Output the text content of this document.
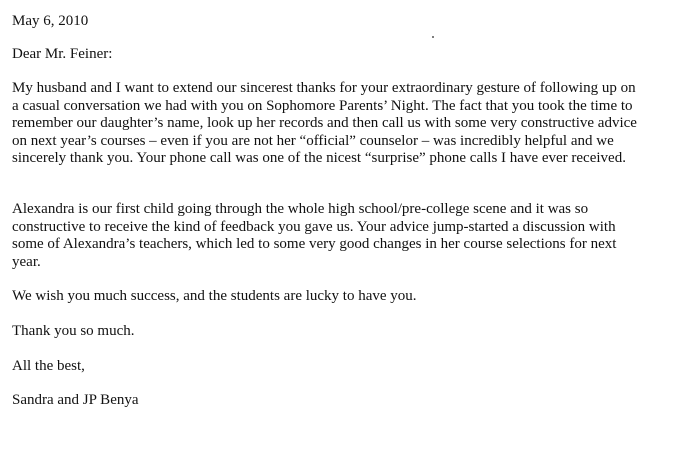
May 6, 2010
Dear Mr. Feiner:
My husband and I want to extend our sincerest thanks for your extraordinary gesture of following up on
a casual conversation we had with you on Sophomore Parents’ Night. The fact that you took the time to
remember our daughter’s name, look up her records and then call us with some very constructive advice
on next year’s courses – even if you are not her “official” counselor – was incredibly helpful and we
sincerely thank you. Your phone call was one of the nicest “surprise” phone calls I have ever received.
Alexandra is our first child going through the whole high school/pre-college scene and it was so
constructive to receive the kind of feedback you gave us. Your advice jump-started a discussion with
some of Alexandra’s teachers, which led to some very good changes in her course selections for next
year.
We wish you much success, and the students are lucky to have you.
Thank you so much.
All the best,
Sandra and JP Benya
